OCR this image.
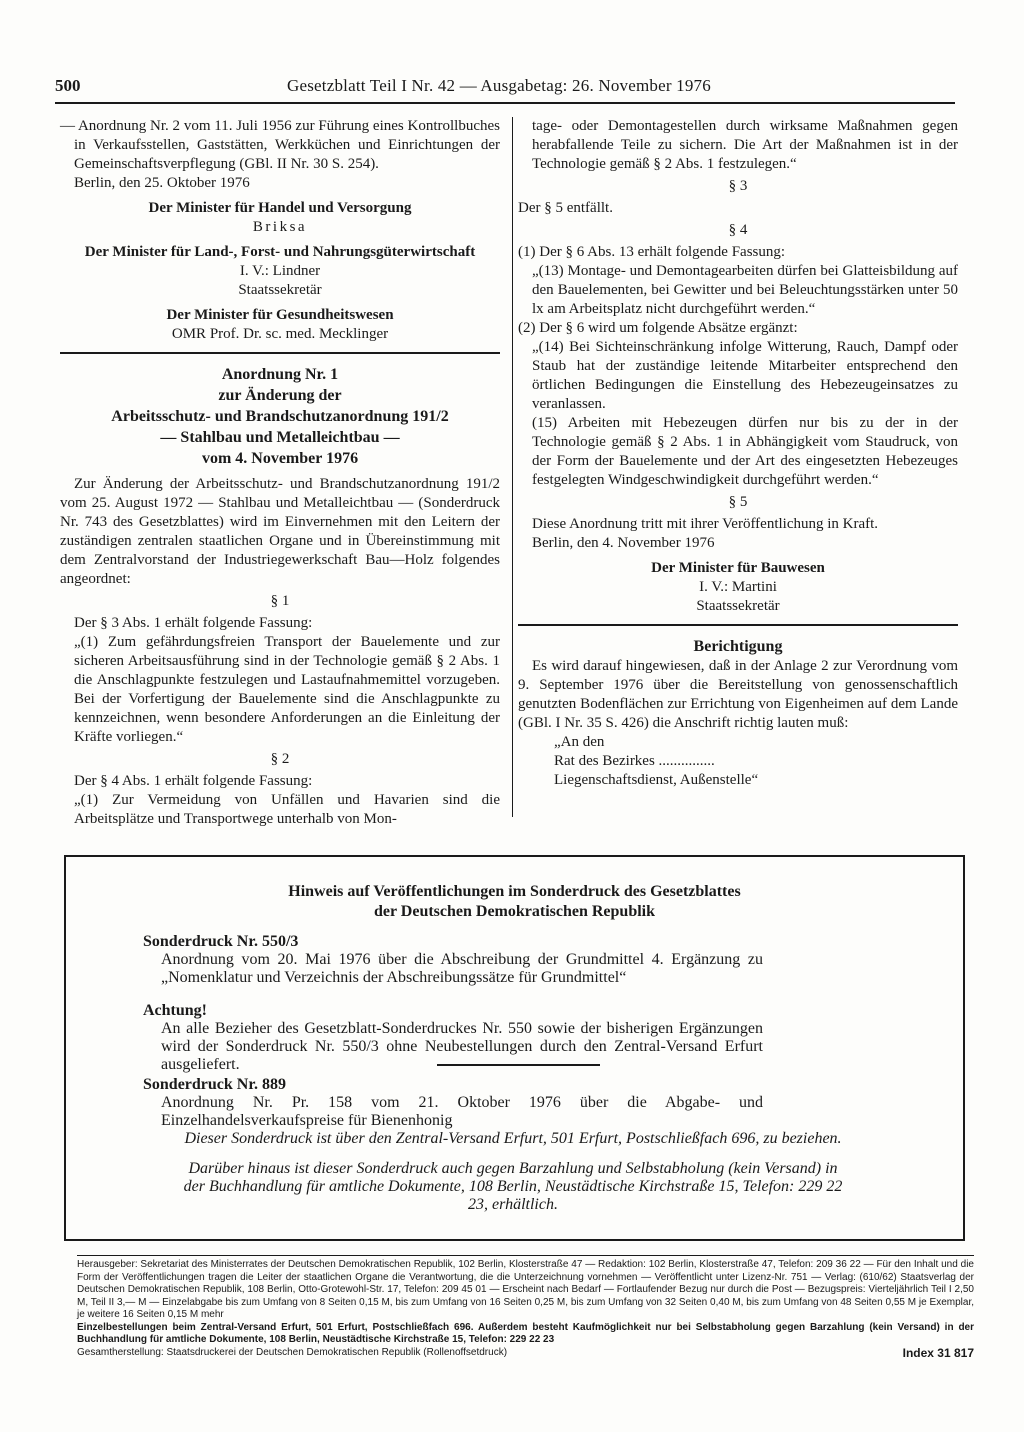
500	Gesetzblatt Teil I Nr. 42 — Ausgabetag: 26. November 1976

— Anordnung Nr. 2 vom 11. Juli 1956 zur Führung eines Kontrollbuches in Verkaufsstellen, Gaststätten, Werkküchen und Einrichtungen der Gemeinschaftsverpflegung (GBl. II Nr. 30 S. 254).

Berlin, den 25. Oktober 1976

Der Minister für Handel und Versorgung

Briksa

Der Minister für Land-, Forst- und Nahrungsgüterwirtschaft

I. V.: Lindner

Staatssekretär

Der Minister für Gesundheitswesen

OMR Prof. Dr. sc. med. Mecklinger

Anordnung Nr. 1

zur Änderung der

Arbeitsschutz- und Brandschutzanordnung 191/2

— Stahlbau und Metalleichtbau —

vom 4. November 1976

Zur Änderung der Arbeitsschutz- und Brandschutzanordnung 191/2 vom 25. August 1972 — Stahlbau und Metalleichtbau — (Sonderdruck Nr. 743 des Gesetzblattes) wird im Einvernehmen mit den Leitern der zuständigen zentralen staatlichen Organe und in Übereinstimmung mit dem Zentralvorstand der Industriegewerkschaft Bau—Holz folgendes angeordnet:

§ 1

Der § 3 Abs. 1 erhält folgende Fassung:

„(1) Zum gefährdungsfreien Transport der Bauelemente und zur sicheren Arbeitsausführung sind in der Technologie gemäß § 2 Abs. 1 die Anschlagpunkte festzulegen und Lastaufnahmemittel vorzugeben. Bei der Vorfertigung der Bauelemente sind die Anschlagpunkte zu kennzeichnen, wenn besondere Anforderungen an die Einleitung der Kräfte vorliegen.“

§ 2

Der § 4 Abs. 1 erhält folgende Fassung:

„(1) Zur Vermeidung von Unfällen und Havarien sind die Arbeitsplätze und Transportwege unterhalb von Mon-

tage- oder Demontagestellen durch wirksame Maßnahmen gegen herabfallende Teile zu sichern. Die Art der Maßnahmen ist in der Technologie gemäß § 2 Abs. 1 festzulegen.“

§ 3

Der § 5 entfällt.

§ 4

(1) Der § 6 Abs. 13 erhält folgende Fassung:

„(13) Montage- und Demontagearbeiten dürfen bei Glatteisbildung auf den Bauelementen, bei Gewitter und bei Beleuchtungsstärken unter 50 lx am Arbeitsplatz nicht durchgeführt werden.“

(2) Der § 6 wird um folgende Absätze ergänzt:

„(14) Bei Sichteinschränkung infolge Witterung, Rauch, Dampf oder Staub hat der zuständige leitende Mitarbeiter entsprechend den örtlichen Bedingungen die Einstellung des Hebezeugeinsatzes zu veranlassen.

(15) Arbeiten mit Hebezeugen dürfen nur bis zu der in der Technologie gemäß § 2 Abs. 1 in Abhängigkeit vom Staudruck, von der Form der Bauelemente und der Art des eingesetzten Hebezeuges festgelegten Windgeschwindigkeit durchgeführt werden.“

§ 5

Diese Anordnung tritt mit ihrer Veröffentlichung in Kraft.

Berlin, den 4. November 1976

Der Minister für Bauwesen

I. V.: Martini

Staatssekretär

Berichtigung

Es wird darauf hingewiesen, daß in der Anlage 2 zur Verordnung vom 9. September 1976 über die Bereitstellung von genossenschaftlich genutzten Bodenflächen zur Errichtung von Eigenheimen auf dem Lande (GBl. I Nr. 35 S. 426) die Anschrift richtig lauten muß:

„An den

Rat des Bezirkes ...............

Liegenschaftsdienst, Außenstelle“

Hinweis auf Veröffentlichungen im Sonderdruck des Gesetzblattes
der Deutschen Demokratischen Republik

Sonderdruck Nr. 550/3

Anordnung vom 20. Mai 1976 über die Abschreibung der Grundmittel 4. Ergänzung zu „Nomenklatur und Verzeichnis der Abschreibungssätze für Grundmittel“

Achtung!

An alle Bezieher des Gesetzblatt-Sonderdruckes Nr. 550 sowie der bisherigen Ergänzungen wird der Sonderdruck Nr. 550/3 ohne Neubestellungen durch den Zentral-Versand Erfurt ausgeliefert.

Sonderdruck Nr. 889

Anordnung Nr. Pr. 158 vom 21. Oktober 1976 über die Abgabe- und Einzelhandelsverkaufspreise für Bienenhonig

Dieser Sonderdruck ist über den Zentral-Versand Erfurt, 501 Erfurt, Postschließfach 696, zu beziehen.

Darüber hinaus ist dieser Sonderdruck auch gegen Barzahlung und Selbstabholung (kein Versand) in der Buchhandlung für amtliche Dokumente, 108 Berlin, Neustädtische Kirchstraße 15, Telefon: 229 22 23, erhältlich.

Herausgeber: Sekretariat des Ministerrates der Deutschen Demokratischen Republik, 102 Berlin, Klosterstraße 47 — Redaktion: 102 Berlin, Klosterstraße 47, Telefon: 209 36 22 — Für den Inhalt und die Form der Veröffentlichungen tragen die Leiter der staatlichen Organe die Verantwortung, die die Unterzeichnung vornehmen — Veröffentlicht unter Lizenz-Nr. 751 — Verlag: (610/62) Staatsverlag der Deutschen Demokratischen Republik, 108 Berlin, Otto-Grotewohl-Str. 17, Telefon: 209 45 01 — Erscheint nach Bedarf — Fortlaufender Bezug nur durch die Post — Bezugspreis: Vierteljährlich Teil I 2,50 M, Teil II 3,— M — Einzelabgabe bis zum Umfang von 8 Seiten 0,15 M, bis zum Umfang von 16 Seiten 0,25 M, bis zum Umfang von 32 Seiten 0,40 M, bis zum Umfang von 48 Seiten 0,55 M je Exemplar, je weitere 16 Seiten 0,15 M mehr

Einzelbestellungen beim Zentral-Versand Erfurt, 501 Erfurt, Postschließfach 696. Außerdem besteht Kaufmöglichkeit nur bei Selbstabholung gegen Barzahlung (kein Versand) in der Buchhandlung für amtliche Dokumente, 108 Berlin, Neustädtische Kirchstraße 15, Telefon: 229 22 23

Gesamtherstellung: Staatsdruckerei der Deutschen Demokratischen Republik (Rollenoffsetdruck)	Index 31 817
